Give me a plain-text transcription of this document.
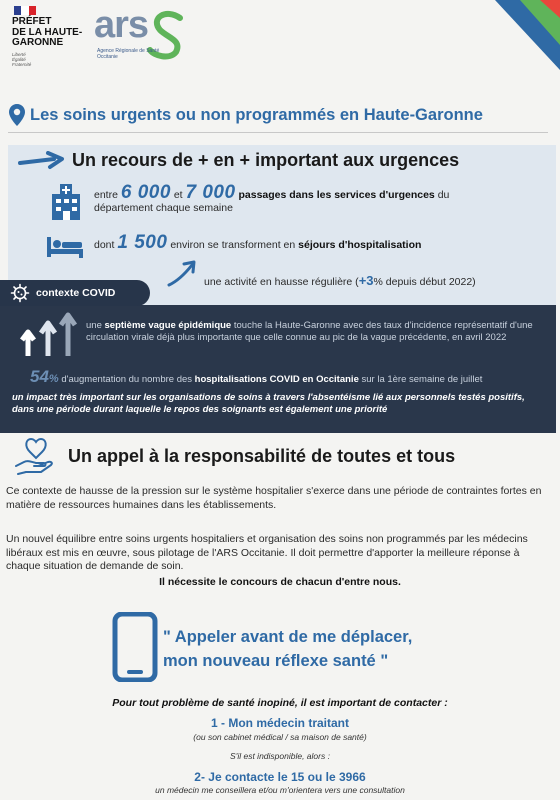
PRÉFET
DE LA HAUTE-
GARONNE
Liberté
Égalité
Fraternité
ars
Agence Régionale de Santé
Occitanie
Les soins urgents ou non programmés en Haute-Garonne
Un recours de + en + important aux urgences
entre 6 000 et 7 000 passages dans les services d'urgences du
département chaque semaine
dont 1 500 environ se transforment en séjours d'hospitalisation
une activité en hausse régulière (+3% depuis début 2022)
contexte COVID
une septième vague épidémique touche la Haute-Garonne avec des taux d'incidence représentatif d'une circulation virale déjà plus importante que celle connue au pic de la vague précédente, en avril 2022
54% d'augmentation du nombre des hospitalisations COVID en Occitanie sur la 1ère semaine de juillet
un impact très important sur les organisations de soins à travers l'absentéisme lié aux personnels testés positifs, dans une période durant laquelle le repos des soignants est également une priorité
Un appel à la responsabilité de toutes et tous
Ce contexte de hausse de la pression sur le système hospitalier s'exerce dans une période de contraintes fortes en matière de ressources humaines dans les établissements.
Un nouvel équilibre entre soins urgents hospitaliers et organisation des soins non programmés par les médecins libéraux est mis en œuvre, sous pilotage de l'ARS Occitanie. Il doit permettre d'apporter la meilleure réponse à chaque situation de demande de soin.
Il nécessite le concours de chacun d'entre nous.
" Appeler avant de me déplacer,
mon nouveau réflexe santé "
Pour tout problème de santé inopiné, il est important de contacter :
1 - Mon médecin traitant
(ou son cabinet médical / sa maison de santé)
S'il est indisponible, alors :
2- Je contacte le 15 ou le 3966
un médecin me conseillera et/ou m'orientera vers une consultation
